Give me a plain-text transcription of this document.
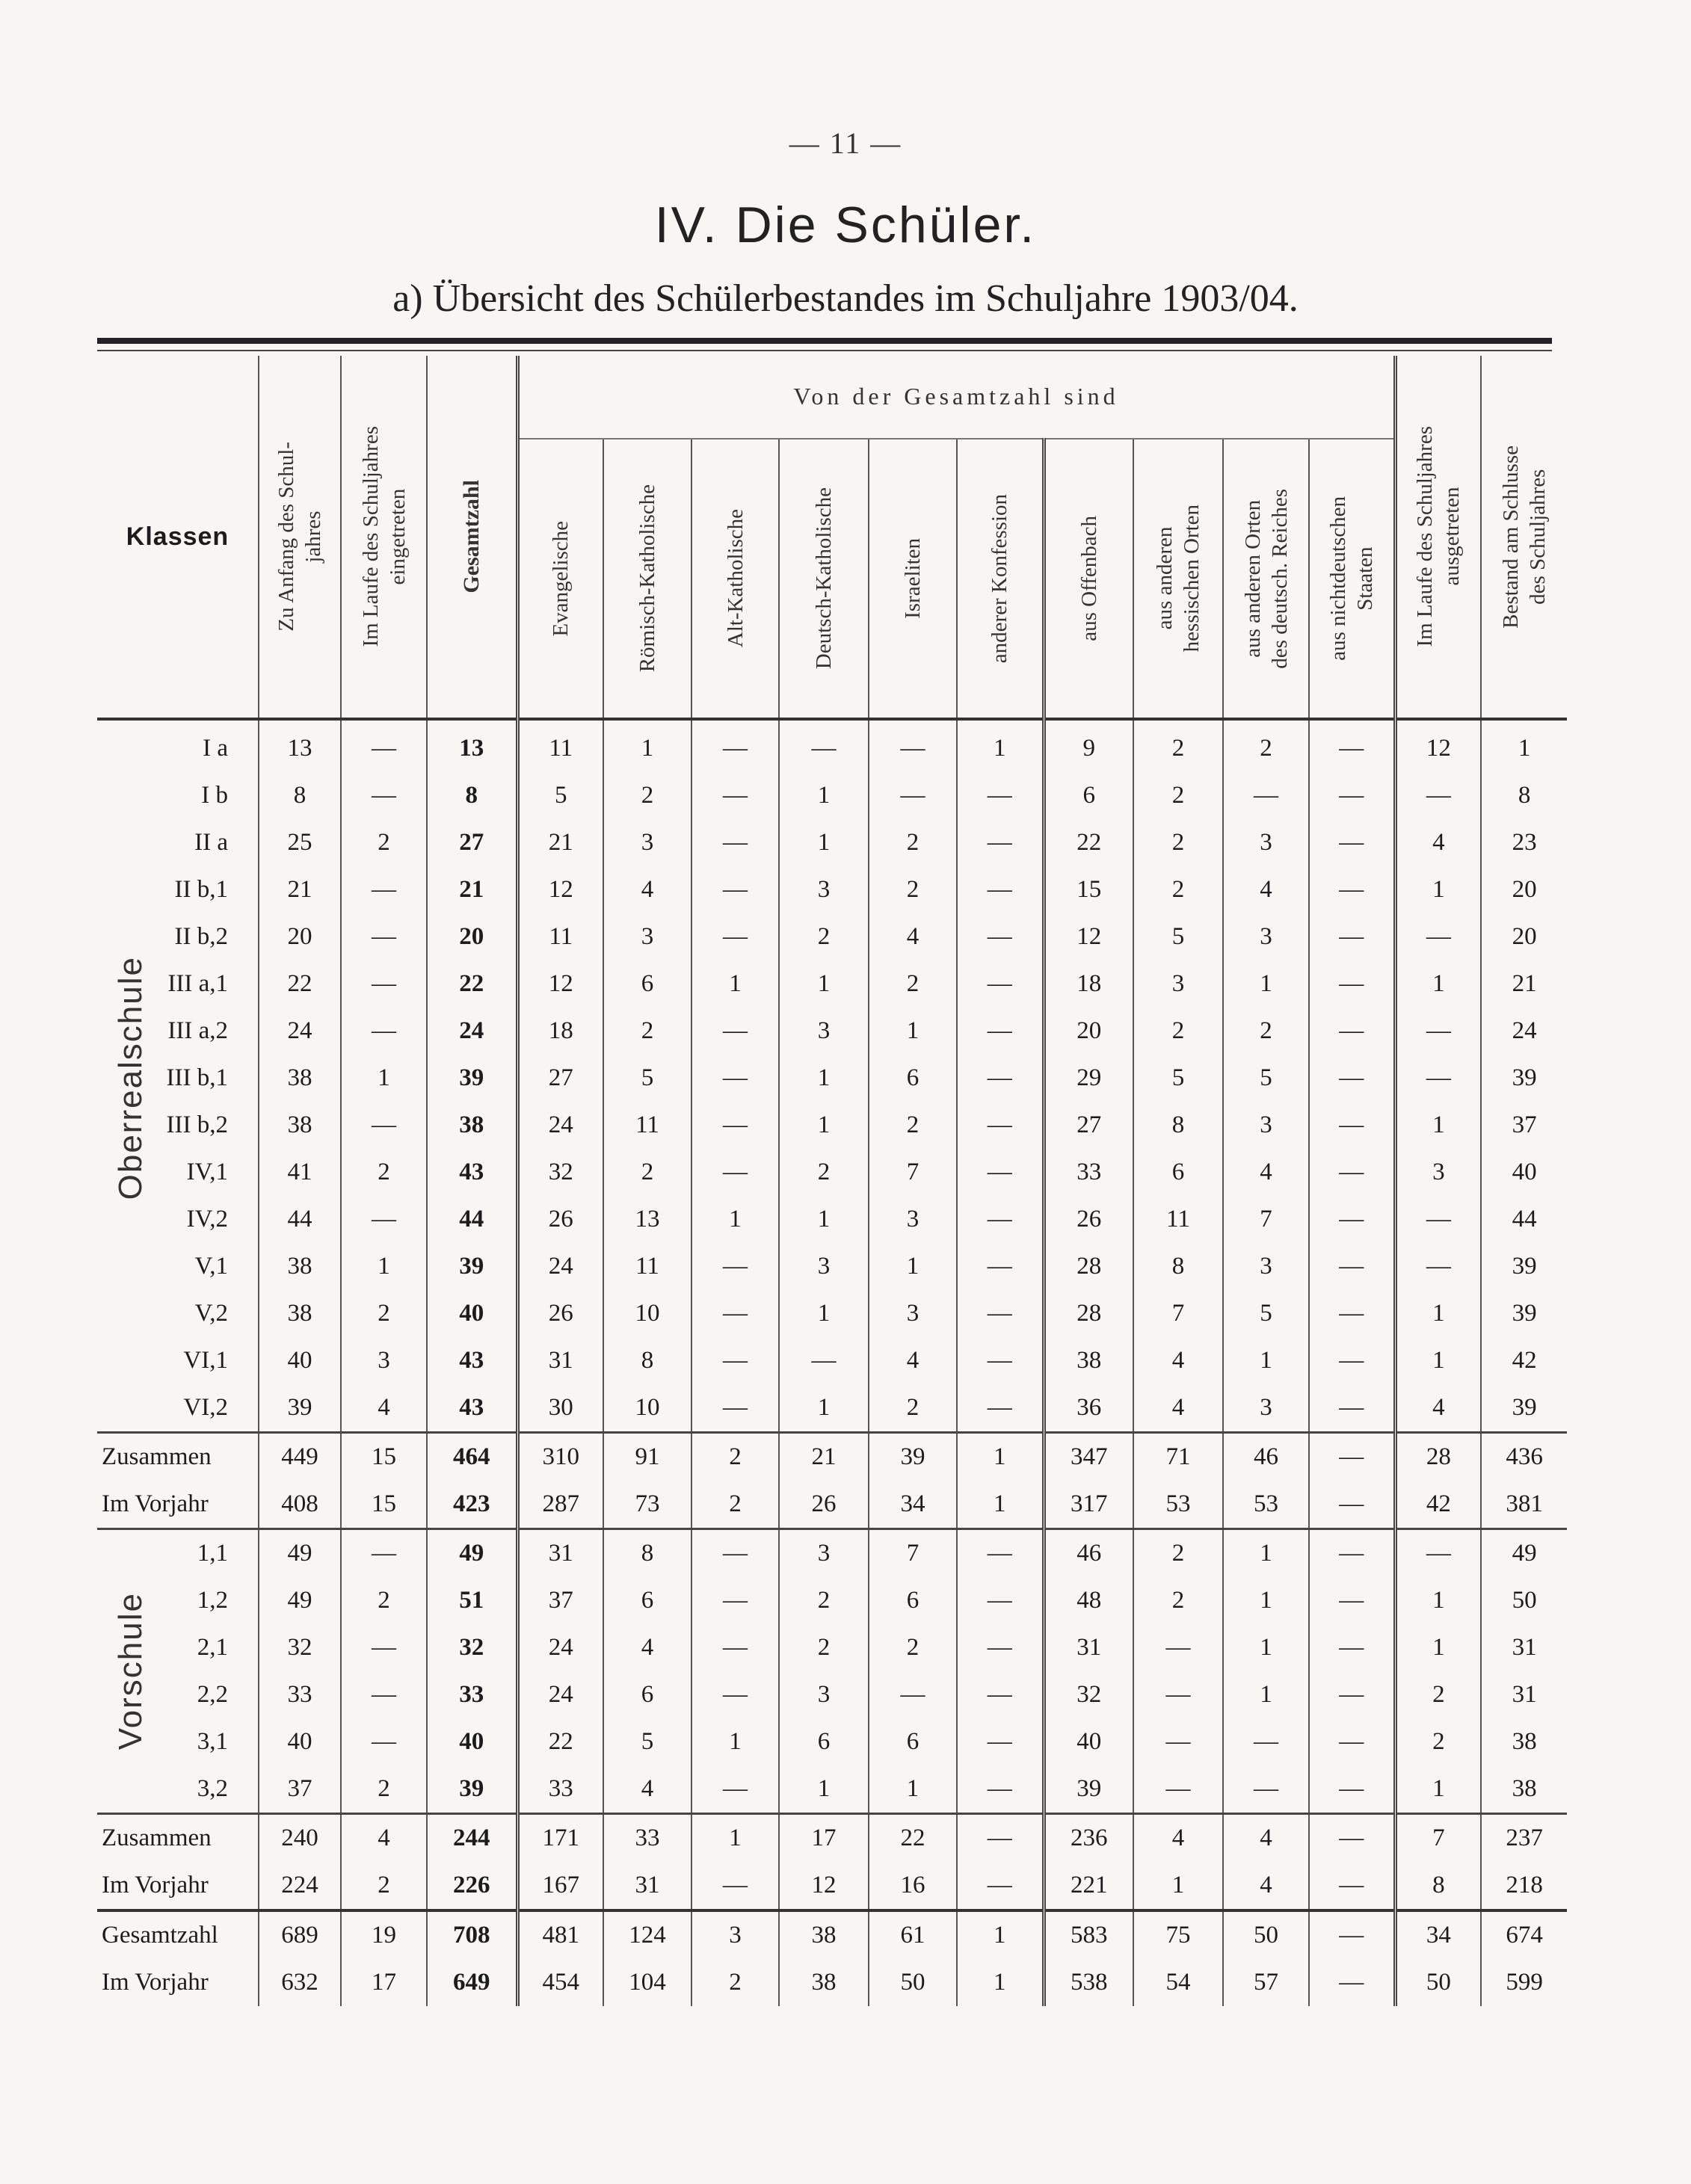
— 11 —
IV. Die Schüler.
a) Übersicht des Schülerbestandes im Schuljahre 1903/04.
Klassen		Zu Anfang des Schul- jahres	Im Laufe des Schuljahres eingetreten	Gesamtzahl	Von der Gesamtzahl sind										Im Laufe des Schuljahres ausgetreten	Bestand am Schlusse des Schuljahres

					Evangelische	Römisch-Katholische	Alt-Katholische	Deutsch-Katholische	Israeliten	anderer Konfession	aus Offenbach	aus anderen hessischen Orten	aus anderen Orten des deutsch. Reiches	aus nichtdeutschen Staaten		

Oberrealschule	I a	13	—	13	11	1	—	—	—	1	9	2	2	—	12	1
	I b	8	—	8	5	2	—	1	—	—	6	2	—	—	—	8
	II a	25	2	27	21	3	—	1	2	—	22	2	3	—	4	23
	II b,1	21	—	21	12	4	—	3	2	—	15	2	4	—	1	20
	II b,2	20	—	20	11	3	—	2	4	—	12	5	3	—	—	20
	III a,1	22	—	22	12	6	1	1	2	—	18	3	1	—	1	21
	III a,2	24	—	24	18	2	—	3	1	—	20	2	2	—	—	24
	III b,1	38	1	39	27	5	—	1	6	—	29	5	5	—	—	39
	III b,2	38	—	38	24	11	—	1	2	—	27	8	3	—	1	37
	IV,1	41	2	43	32	2	—	2	7	—	33	6	4	—	3	40
	IV,2	44	—	44	26	13	1	1	3	—	26	11	7	—	—	44
	V,1	38	1	39	24	11	—	3	1	—	28	8	3	—	—	39
	V,2	38	2	40	26	10	—	1	3	—	28	7	5	—	1	39
	VI,1	40	3	43	31	8	—	—	4	—	38	4	1	—	1	42
	VI,2	39	4	43	30	10	—	1	2	—	36	4	3	—	4	39
Zusammen		449	15	464	310	91	2	21	39	1	347	71	46	—	28	436
Im Vorjahr		408	15	423	287	73	2	26	34	1	317	53	53	—	42	381

Vorschule	1,1	49	—	49	31	8	—	3	7	—	46	2	1	—	—	49
	1,2	49	2	51	37	6	—	2	6	—	48	2	1	—	1	50
	2,1	32	—	32	24	4	—	2	2	—	31	—	1	—	1	31
	2,2	33	—	33	24	6	—	3	—	—	32	—	1	—	2	31
	3,1	40	—	40	22	5	1	6	6	—	40	—	—	—	2	38
	3,2	37	2	39	33	4	—	1	1	—	39	—	—	—	1	38
Zusammen		240	4	244	171	33	1	17	22	—	236	4	4	—	7	237
Im Vorjahr		224	2	226	167	31	—	12	16	—	221	1	4	—	8	218
Gesamtzahl		689	19	708	481	124	3	38	61	1	583	75	50	—	34	674
Im Vorjahr		632	17	649	454	104	2	38	50	1	538	54	57	—	50	599
